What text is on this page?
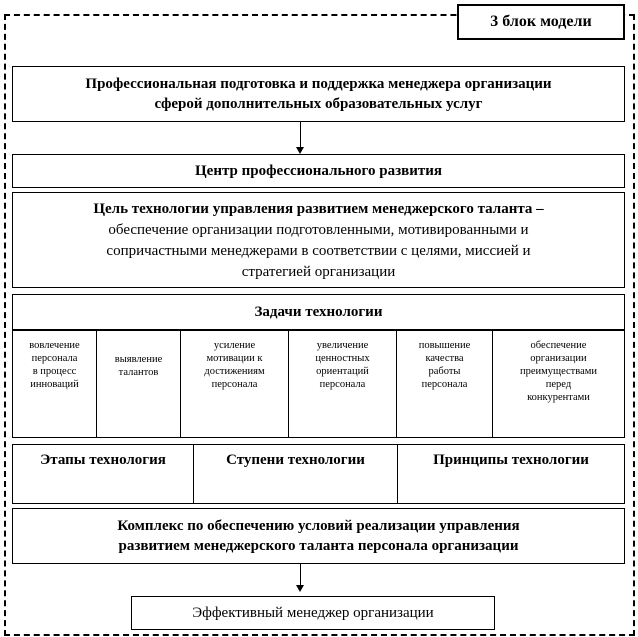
3 блок модели
Профессиональная подготовка и поддержка менеджера организации
сферой дополнительных образовательных услуг
Центр профессионального развития
Цель технологии управления развитием менеджерского таланта –
обеспечение организации подготовленными, мотивированными и
сопричастными менеджерами в соответствии с целями, миссией и
стратегией организации
Задачи технологии
вовлечение
персонала
в процесс
инноваций
выявление
талантов
усиление
мотивации к
достижениям
персонала
увеличение
ценностных
ориентаций
персонала
повышение
качества
работы
персонала
обеспечение
организации
преимуществами
перед
конкурентами
Этапы технология	Ступени технологии	Принципы технологии
Комплекс по обеспечению условий реализации управления
развитием менеджерского таланта персонала организации
Эффективный менеджер организации
